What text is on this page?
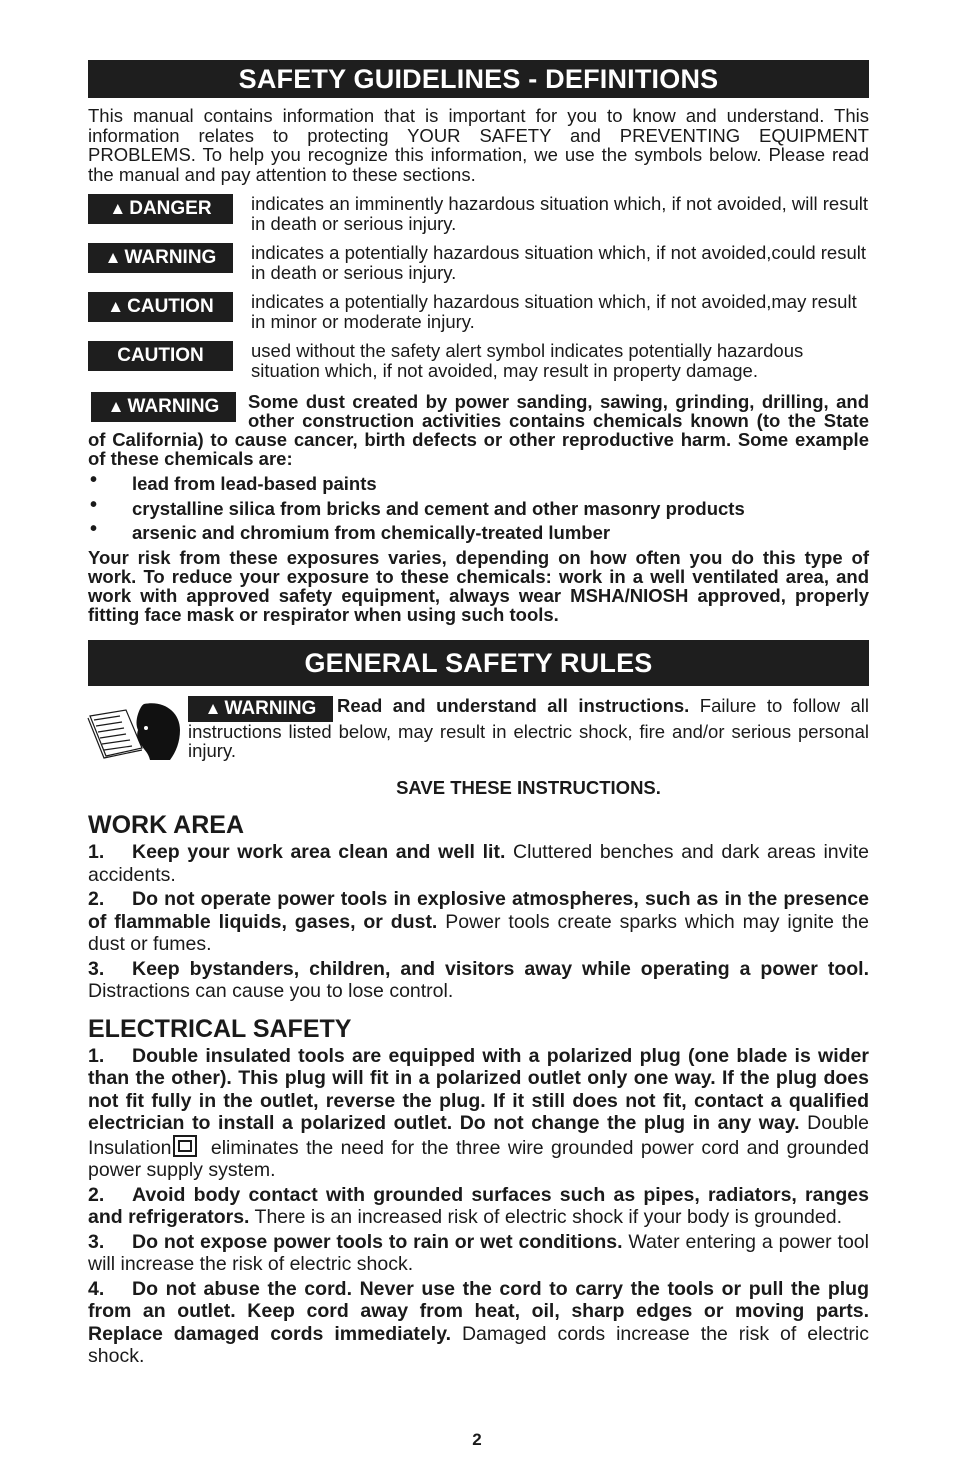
SAFETY GUIDELINES - DEFINITIONS
This manual contains information that is important for you to know and understand. This information relates to protecting YOUR SAFETY and PREVENTING EQUIPMENT PROBLEMS. To help you recognize this information, we use the symbols below. Please read the manual and pay attention to these sections.
▲ DANGER indicates an imminently hazardous situation which, if not avoided, will result in death or serious injury.
▲ WARNING indicates a potentially hazardous situation which, if not avoided,could result in death or serious injury.
▲ CAUTION indicates a potentially hazardous situation which, if not avoided,may result in minor or moderate injury.
CAUTION	used without the safety alert symbol indicates potentially hazardous situation which, if not avoided, may result in property damage.
▲ WARNING Some dust created by power sanding, sawing, grinding, drilling, and other construction activities contains chemicals known (to the State of California) to cause cancer, birth defects or other reproductive harm. Some example of these chemicals are:
• lead from lead-based paints
• crystalline silica from bricks and cement and other masonry products
• arsenic and chromium from chemically-treated lumber
Your risk from these exposures varies, depending on how often you do this type of work. To reduce your exposure to these chemicals: work in a well ventilated area, and work with approved safety equipment, always wear MSHA/NIOSH approved, properly fitting face mask or respirator when using such tools.
GENERAL SAFETY RULES
▲ WARNING Read and understand all instructions. Failure to follow all instructions listed below, may result in electric shock, fire and/or serious personal injury.
SAVE THESE INSTRUCTIONS.
WORK AREA

1. Keep your work area clean and well lit. Cluttered benches and dark areas invite accidents.

2. Do not operate power tools in explosive atmospheres, such as in the presence of flammable liquids, gases, or dust. Power tools create sparks which may ignite the dust or fumes.

3. Keep bystanders, children, and visitors away while operating a power tool. Distractions can cause you to lose control.

ELECTRICAL SAFETY

1. Double insulated tools are equipped with a polarized plug (one blade is wider than the other). This plug will fit in a polarized outlet only one way. If the plug does not fit fully in the outlet, reverse the plug. If it still does not fit, contact a qualified electrician to install a polarized outlet. Do not change the plug in any way. Double Insulation eliminates the need for the three wire grounded power cord and grounded power supply system.

2. Avoid body contact with grounded surfaces such as pipes, radiators, ranges and refrigerators. There is an increased risk of electric shock if your body is grounded.

3. Do not expose power tools to rain or wet conditions. Water entering a power tool will increase the risk of electric shock.

4. Do not abuse the cord. Never use the cord to carry the tools or pull the plug from an outlet. Keep cord away from heat, oil, sharp edges or moving parts. Replace damaged cords immediately. Damaged cords increase the risk of electric shock.

2
